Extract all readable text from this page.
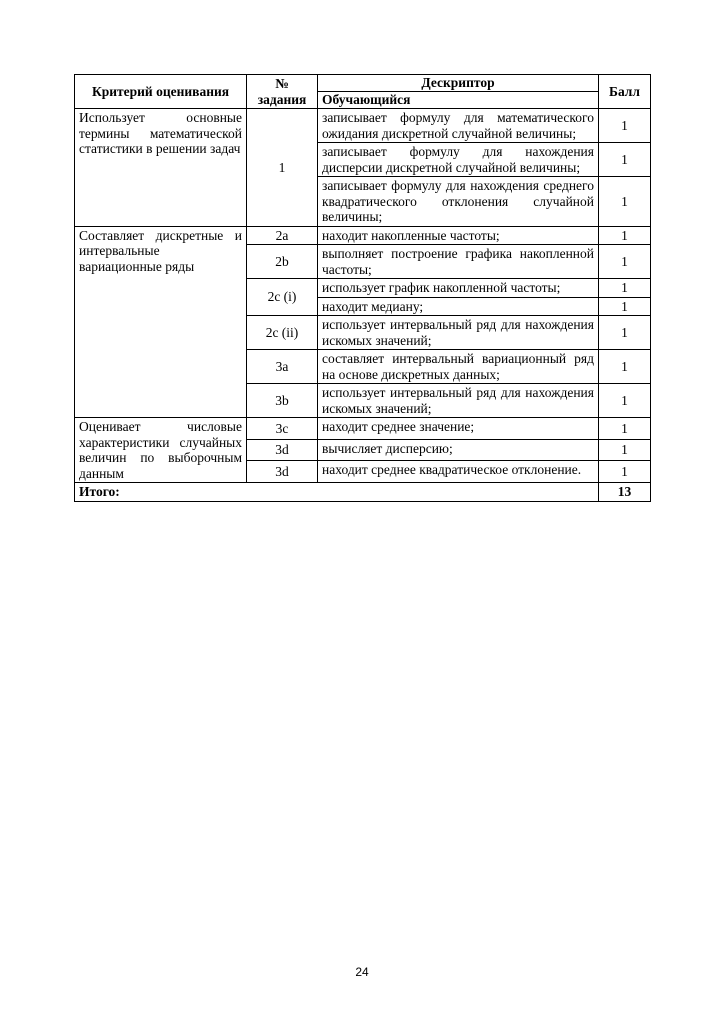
Критерий оценивания	№ задания	Дескриптор	Балл
		Обучающийся	
Использует основные термины математической статистики в решении задач	1	записывает формулу для математического ожидания дискретной случайной величины;	1
		записывает формулу для нахождения дисперсии дискретной случайной величины;	1
		записывает формулу для нахождения среднего квадратического отклонения случайной величины;	1
Составляет дискретные и интервальные вариационные ряды	2a	находит накопленные частоты;	1
	2b	выполняет построение графика накопленной частоты;	1
	2c (i)	использует график накопленной частоты;	1
		находит медиану;	1
	2c (ii)	использует интервальный ряд для нахождения искомых значений;	1
	3a	составляет интервальный вариационный ряд на основе дискретных данных;	1
	3b	использует интервальный ряд для нахождения искомых значений;	1
Оценивает числовые характеристики случайных величин по выборочным данным	3c	находит среднее значение;	1
	3d	вычисляет дисперсию;	1
	3d	находит среднее квадратическое отклонение.	1
Итого:			13
24
